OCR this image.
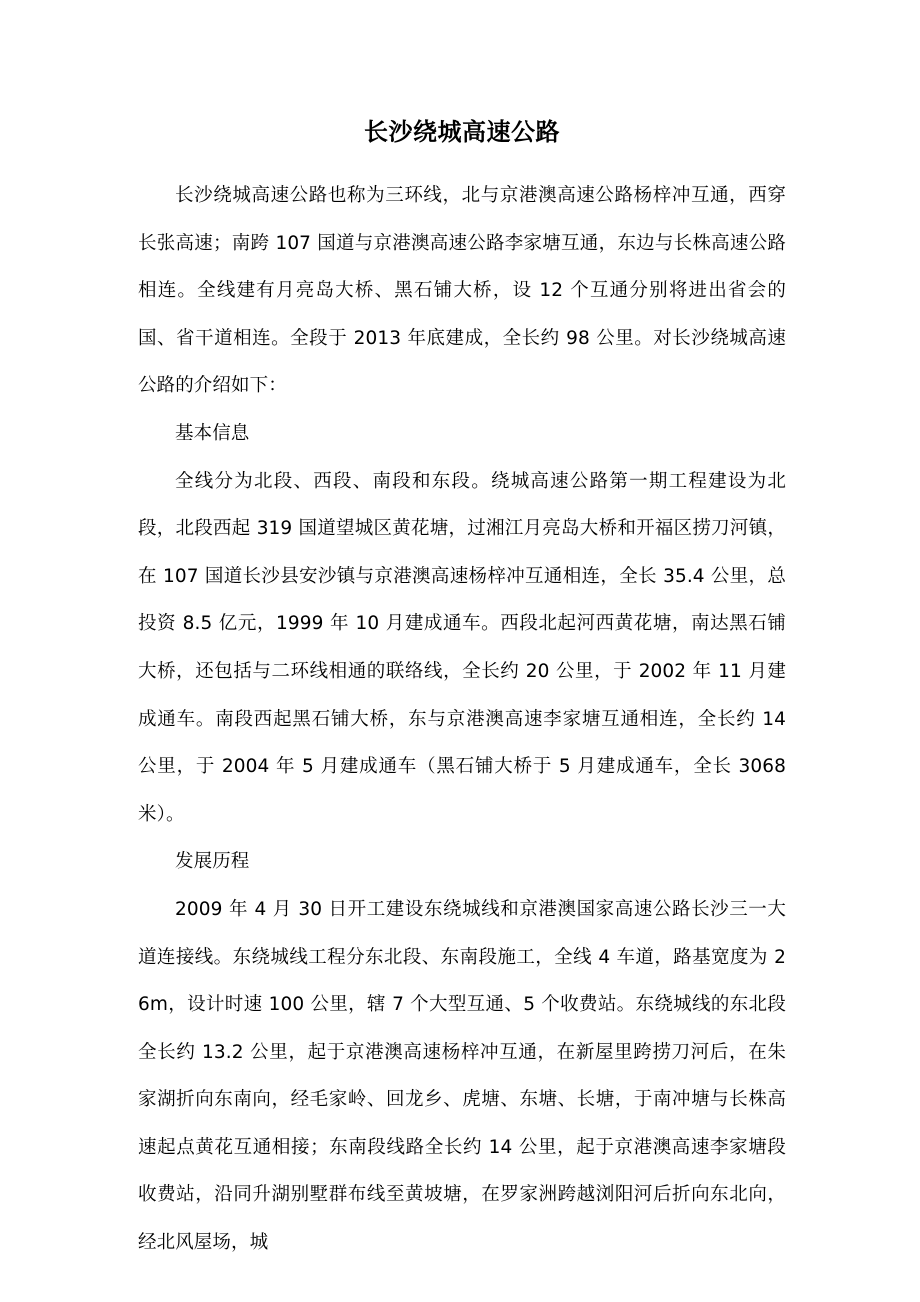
长沙绕城高速公路

长沙绕城高速公路也称为三环线，北与京港澳高速公路杨梓冲互通，西穿长张高速；南跨 107 国道与京港澳高速公路李家塘互通，东边与长株高速公路相连。全线建有月亮岛大桥、黑石铺大桥，设 12 个互通分别将进出省会的国、省干道相连。全段于 2013 年底建成，全长约 98 公里。对长沙绕城高速公路的介绍如下：

基本信息

全线分为北段、西段、南段和东段。绕城高速公路第一期工程建设为北段，北段西起 319 国道望城区黄花塘，过湘江月亮岛大桥和开福区捞刀河镇，在 107 国道长沙县安沙镇与京港澳高速杨梓冲互通相连，全长 35.4 公里，总投资 8.5 亿元，1999 年 10 月建成通车。西段北起河西黄花塘，南达黑石铺大桥，还包括与二环线相通的联络线，全长约 20 公里，于 2002 年 11 月建成通车。南段西起黑石铺大桥，东与京港澳高速李家塘互通相连，全长约 14 公里，于 2004 年 5 月建成通车（黑石铺大桥于 5 月建成通车，全长 3068 米）。

发展历程

2009 年 4 月 30 日开工建设东绕城线和京港澳国家高速公路长沙三一大道连接线。东绕城线工程分东北段、东南段施工，全线 4 车道，路基宽度为 26m，设计时速 100 公里，辖 7 个大型互通、5 个收费站。东绕城线的东北段全长约 13.2 公里，起于京港澳高速杨梓冲互通，在新屋里跨捞刀河后，在朱家湖折向东南向，经毛家岭、回龙乡、虎塘、东塘、长塘，于南冲塘与长株高速起点黄花互通相接；东南段线路全长约 14 公里，起于京港澳高速李家塘段收费站，沿同升湖别墅群布线至黄坡塘，在罗家洲跨越浏阳河后折向东北向，经北风屋场，城
